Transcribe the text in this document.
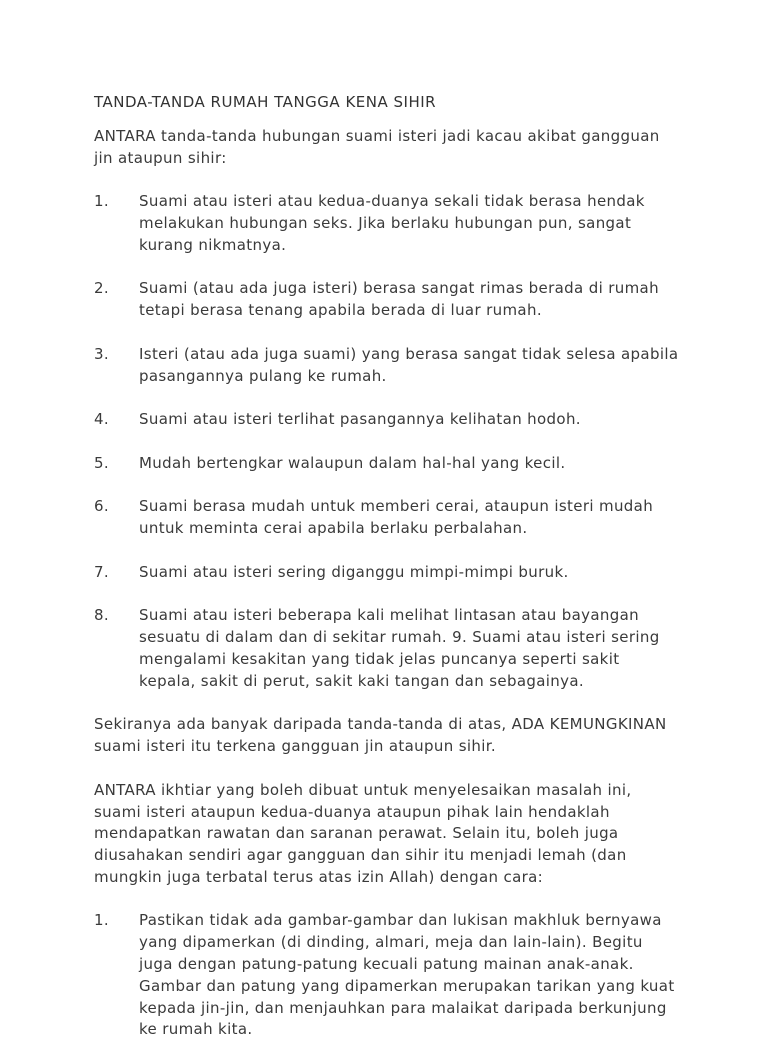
TANDA-TANDA RUMAH TANGGA KENA SIHIR

ANTARA tanda-tanda hubungan suami isteri jadi kacau akibat gangguan jin ataupun sihir:

1. Suami atau isteri atau kedua-duanya sekali tidak berasa hendak melakukan hubungan seks. Jika berlaku hubungan pun, sangat kurang nikmatnya.
2. Suami (atau ada juga isteri) berasa sangat rimas berada di rumah tetapi berasa tenang apabila berada di luar rumah.
3. Isteri (atau ada juga suami) yang berasa sangat tidak selesa apabila pasangannya pulang ke rumah.
4. Suami atau isteri terlihat pasangannya kelihatan hodoh.
5. Mudah bertengkar walaupun dalam hal-hal yang kecil.
6. Suami berasa mudah untuk memberi cerai, ataupun isteri mudah untuk meminta cerai apabila berlaku perbalahan.
7. Suami atau isteri sering diganggu mimpi-mimpi buruk.
8. Suami atau isteri beberapa kali melihat lintasan atau bayangan sesuatu di dalam dan di sekitar rumah. 9. Suami atau isteri sering mengalami kesakitan yang tidak jelas puncanya seperti sakit kepala, sakit di perut, sakit kaki tangan dan sebagainya.

Sekiranya ada banyak daripada tanda-tanda di atas, ADA KEMUNGKINAN suami isteri itu terkena gangguan jin ataupun sihir.

ANTARA ikhtiar yang boleh dibuat untuk menyelesaikan masalah ini, suami isteri ataupun kedua-duanya ataupun pihak lain hendaklah mendapatkan rawatan dan saranan perawat. Selain itu, boleh juga diusahakan sendiri agar gangguan dan sihir itu menjadi lemah (dan mungkin juga terbatal terus atas izin Allah) dengan cara:

1. Pastikan tidak ada gambar-gambar dan lukisan makhluk bernyawa yang dipamerkan (di dinding, almari, meja dan lain-lain). Begitu juga dengan patung-patung kecuali patung mainan anak-anak. Gambar dan patung yang dipamerkan merupakan tarikan yang kuat kepada jin-jin, dan menjauhkan para malaikat daripada berkunjung ke rumah kita.
